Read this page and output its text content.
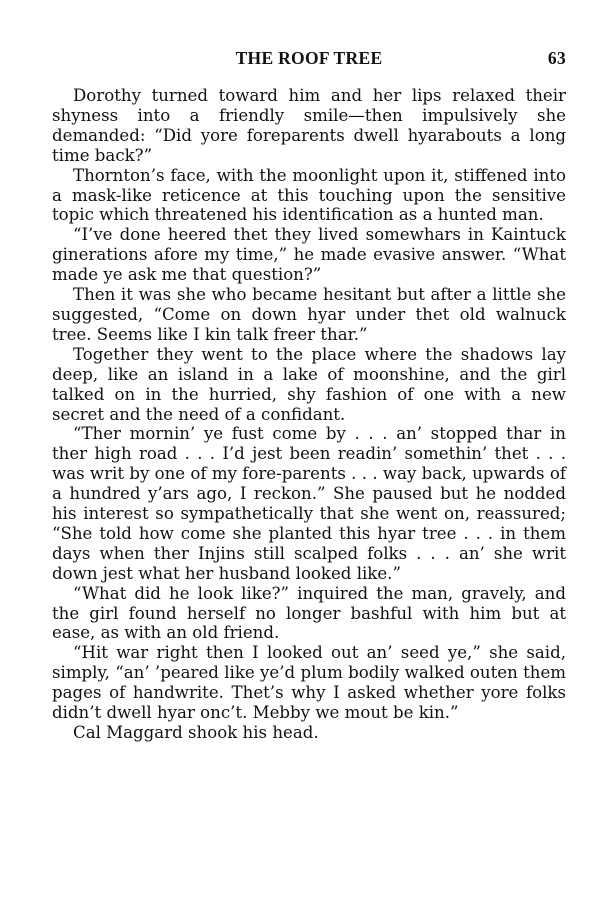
THE ROOF TREE	63

Dorothy turned toward him and her lips relaxed their shyness into a friendly smile—then impulsively she demanded: “Did yore foreparents dwell hyarabouts a long time back?”

Thornton’s face, with the moonlight upon it, stiffened into a mask-like reticence at this touching upon the sensitive topic which threatened his identification as a hunted man.

“I’ve done heered thet they lived somewhars in Kaintuck ginerations afore my time,” he made evasive answer. “What made ye ask me that question?”

Then it was she who became hesitant but after a little she suggested, “Come on down hyar under thet old walnuck tree. Seems like I kin talk freer thar.”

Together they went to the place where the shadows lay deep, like an island in a lake of moonshine, and the girl talked on in the hurried, shy fashion of one with a new secret and the need of a confidant.

“Ther mornin’ ye fust come by . . . an’ stopped thar in ther high road . . . I’d jest been readin’ somethin’ thet . . . was writ by one of my fore-parents . . . way back, upwards of a hundred y’ars ago, I reckon.” She paused but he nodded his interest so sympathetically that she went on, reassured; “She told how come she planted this hyar tree . . . in them days when ther Injins still scalped folks . . . an’ she writ down jest what her husband looked like.”

“What did he look like?” inquired the man, gravely, and the girl found herself no longer bashful with him but at ease, as with an old friend.

“Hit war right then I looked out an’ seed ye,” she said, simply, “an’ ’peared like ye’d plum bodily walked outen them pages of handwrite. Thet’s why I asked whether yore folks didn’t dwell hyar onc’t. Mebby we mout be kin.”

Cal Maggard shook his head.
